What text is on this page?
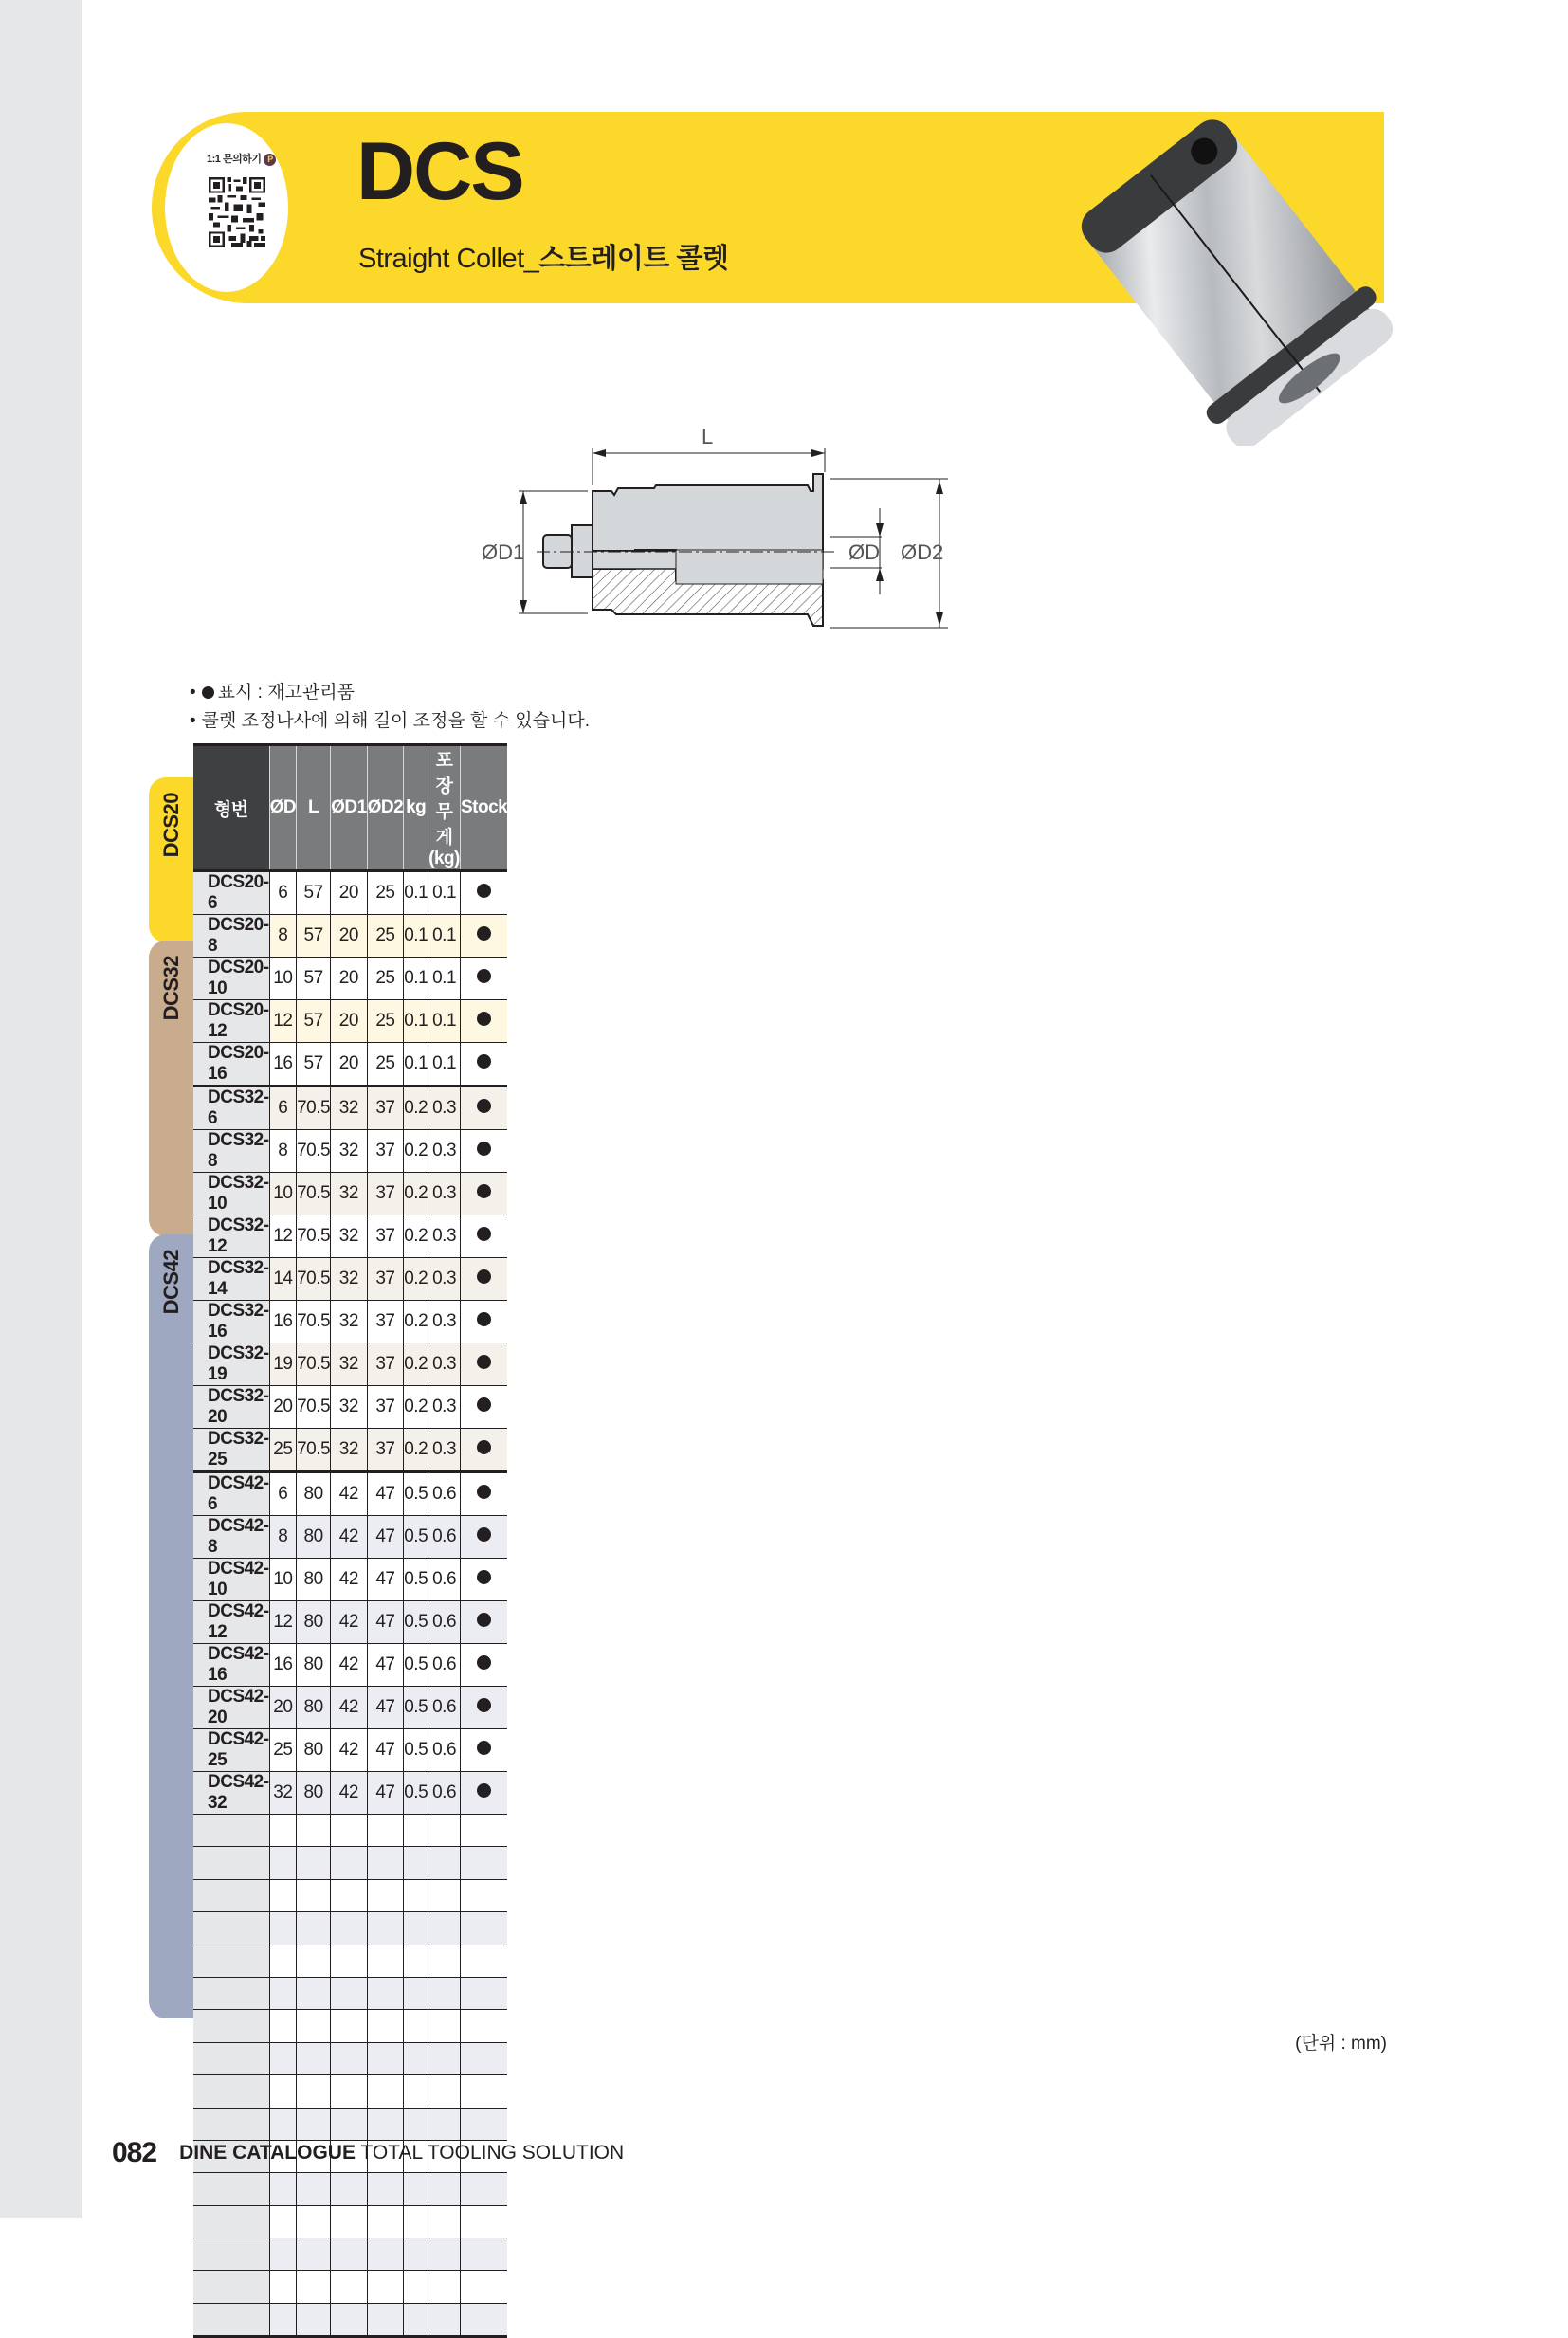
1:1 문의하기 P DCS
Straight Collet_스트레이트 콜렛
L
ØD1	ØD ØD2
• 표시 : 재고관리품
• 콜렛 조정나사에 의해 길이 조정을 할 수 있습니다.
DCS20
DCS32
DCS42
형번	ØD	L	ØD1	ØD2	kg	포장 무게(kg)	Stock
DCS20-6	6	57	20	25	0.1	0.1	
DCS20-8	8	57	20	25	0.1	0.1	
DCS20-10	10	57	20	25	0.1	0.1	
DCS20-12	12	57	20	25	0.1	0.1	
DCS20-16	16	57	20	25	0.1	0.1	
DCS32-6	6	70.5	32	37	0.2	0.3	
DCS32-8	8	70.5	32	37	0.2	0.3	
DCS32-10	10	70.5	32	37	0.2	0.3	
DCS32-12	12	70.5	32	37	0.2	0.3	
DCS32-14	14	70.5	32	37	0.2	0.3	
DCS32-16	16	70.5	32	37	0.2	0.3	
DCS32-19	19	70.5	32	37	0.2	0.3	
DCS32-20	20	70.5	32	37	0.2	0.3	
DCS32-25	25	70.5	32	37	0.2	0.3	
DCS42-6	6	80	42	47	0.5	0.6	
DCS42-8	8	80	42	47	0.5	0.6	
DCS42-10	10	80	42	47	0.5	0.6	
DCS42-12	12	80	42	47	0.5	0.6	
DCS42-16	16	80	42	47	0.5	0.6	
DCS42-20	20	80	42	47	0.5	0.6	
DCS42-25	25	80	42	47	0.5	0.6	
DCS42-32	32	80	42	47	0.5	0.6	

(단위 : mm)
082 DINE CATALOGUE TOTAL TOOLING SOLUTION
